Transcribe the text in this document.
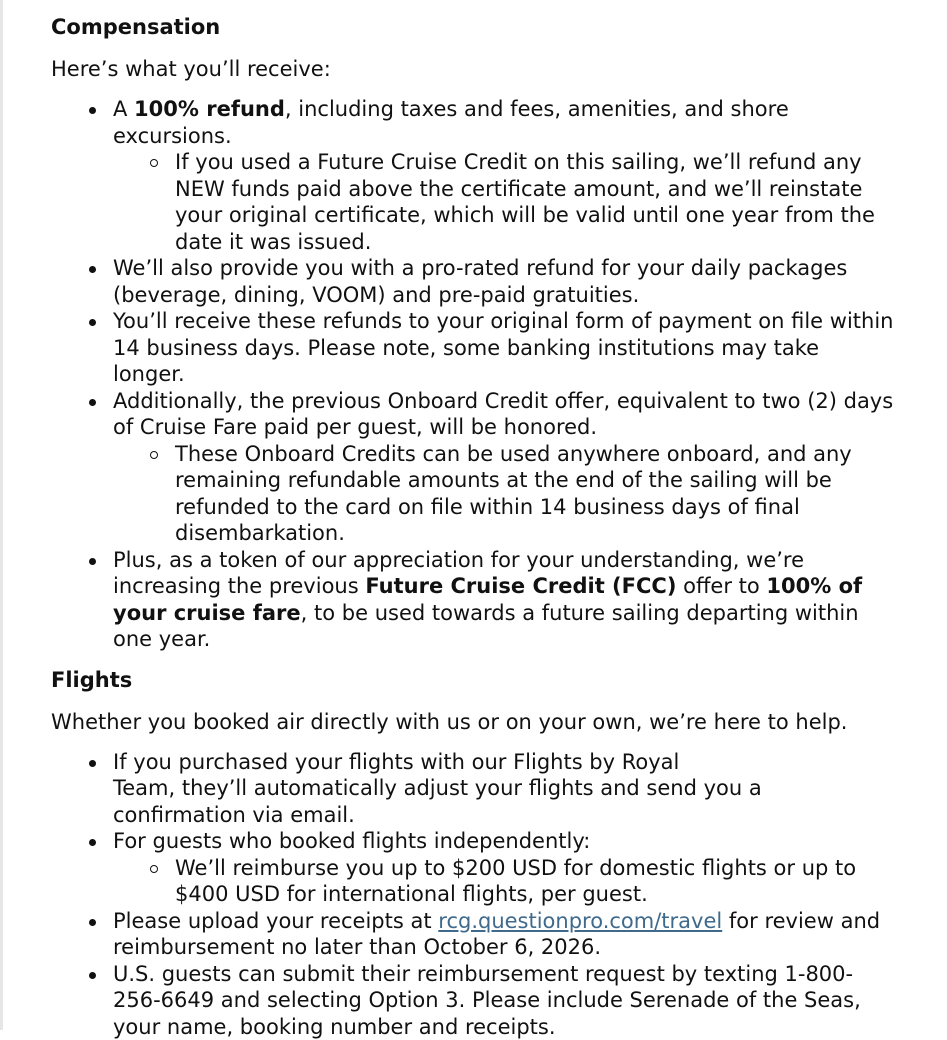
Compensation

Here’s what you’ll receive:

A 100% refund, including taxes and fees, amenities, and shore excursions.
If you used a Future Cruise Credit on this sailing, we’ll refund any NEW funds paid above the certificate amount, and we’ll reinstate your original certificate, which will be valid until one year from the date it was issued.
We’ll also provide you with a pro-rated refund for your daily packages (beverage, dining, VOOM) and pre-paid gratuities.
You’ll receive these refunds to your original form of payment on file within 14 business days. Please note, some banking institutions may take longer.
Additionally, the previous Onboard Credit offer, equivalent to two (2) days of Cruise Fare paid per guest, will be honored.
These Onboard Credits can be used anywhere onboard, and any remaining refundable amounts at the end of the sailing will be refunded to the card on file within 14 business days of final disembarkation.
Plus, as a token of our appreciation for your understanding, we’re increasing the previous Future Cruise Credit (FCC) offer to 100% of your cruise fare, to be used towards a future sailing departing within one year.
Flights

Whether you booked air directly with us or on your own, we’re here to help.

If you purchased your flights with our Flights by Royal
Team, they’ll automatically adjust your flights and send you a confirmation via email.
For guests who booked flights independently:
We’ll reimburse you up to $200 USD for domestic flights or up to $400 USD for international flights, per guest.
Please upload your receipts at rcg.questionpro.com/travel for review and reimbursement no later than October 6, 2026.
U.S. guests can submit their reimbursement request by texting 1-800-256-6649 and selecting Option 3. Please include Serenade of the Seas, your name, booking number and receipts.
